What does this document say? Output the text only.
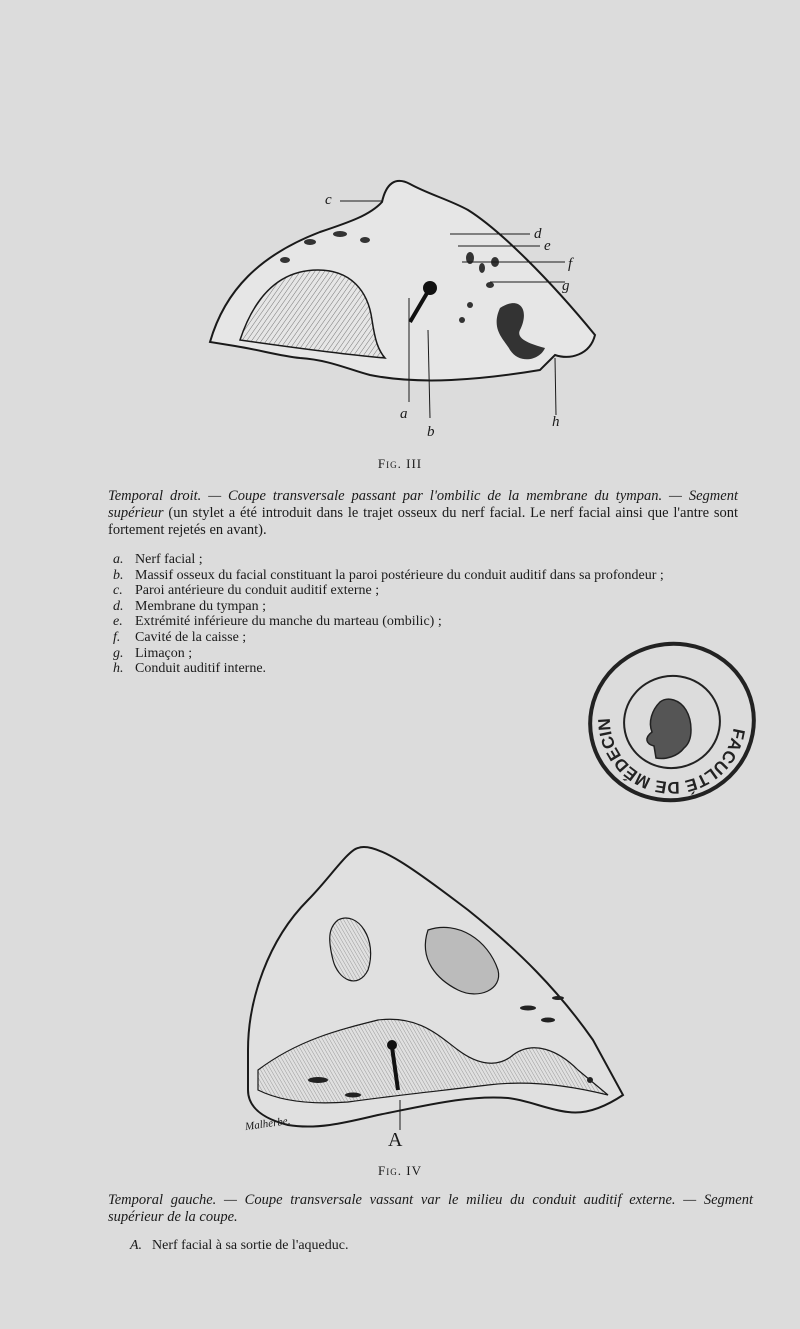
c
d
e
f
g
a
b
h
Fig. III

Temporal droit. — Coupe transversale passant par l'ombilic de la membrane du tympan. — Segment supérieur (un stylet a été introduit dans le trajet osseux du nerf facial. Le nerf facial ainsi que l'antre sont fortement rejetés en avant).

a. Nerf facial ;
b. Massif osseux du facial constituant la paroi postérieure du conduit auditif dans sa profondeur ;
c. Paroi antérieure du conduit auditif externe ;
d. Membrane du tympan ;
e. Extrémité inférieure du manche du marteau (ombilic) ;
f. Cavité de la caisse ;
g. Limaçon ;
h. Conduit auditif interne.
FACULTÉ DE MÉDECIN
A
Malherbe.
Fig. IV

Temporal gauche. — Coupe transversale vassant var le milieu du conduit auditif externe. — Segment supérieur de la coupe.

A. Nerf facial à sa sortie de l'aqueduc.
